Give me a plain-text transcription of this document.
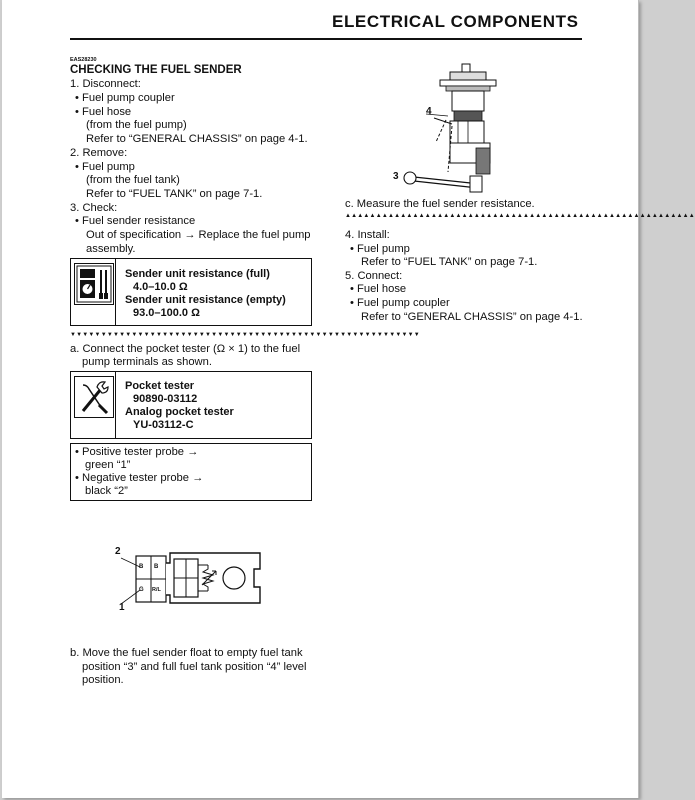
ELECTRICAL COMPONENTS
EAS28230
CHECKING THE FUEL SENDER
1. Disconnect:
• Fuel pump coupler
• Fuel hose
(from the fuel pump)
Refer to “GENERAL CHASSIS” on page 4-1.
2. Remove:
• Fuel pump
(from the fuel tank)
Refer to “FUEL TANK” on page 7-1.
3. Check:
• Fuel sender resistance
Out of specification → Replace the fuel pump
assembly.
Sender unit resistance (full)
4.0–10.0 Ω
Sender unit resistance (empty)
93.0–100.0 Ω
▼▼▼▼▼▼▼▼▼▼▼▼▼▼▼▼▼▼▼▼▼▼▼▼▼▼▼▼▼▼▼▼▼▼▼▼▼▼▼▼▼▼▼▼▼▼▼▼▼▼▼▼▼▼▼▼▼
a. Connect the pocket tester (Ω × 1) to the fuel
pump terminals as shown.
Pocket tester
90890-03112
Analog pocket tester
YU-03112-C
• Positive tester probe →
green “1”
• Negative tester probe →
black “2”
2
1
B B
G R/L
b. Move the fuel sender float to empty fuel tank
position “3” and full fuel tank position “4” level
position.
4
3
c. Measure the fuel sender resistance.
▲▲▲▲▲▲▲▲▲▲▲▲▲▲▲▲▲▲▲▲▲▲▲▲▲▲▲▲▲▲▲▲▲▲▲▲▲▲▲▲▲▲▲▲▲▲▲▲▲▲▲▲▲▲▲▲▲
4. Install:
• Fuel pump
Refer to “FUEL TANK” on page 7-1.
5. Connect:
• Fuel hose
• Fuel pump coupler
Refer to “GENERAL CHASSIS” on page 4-1.
